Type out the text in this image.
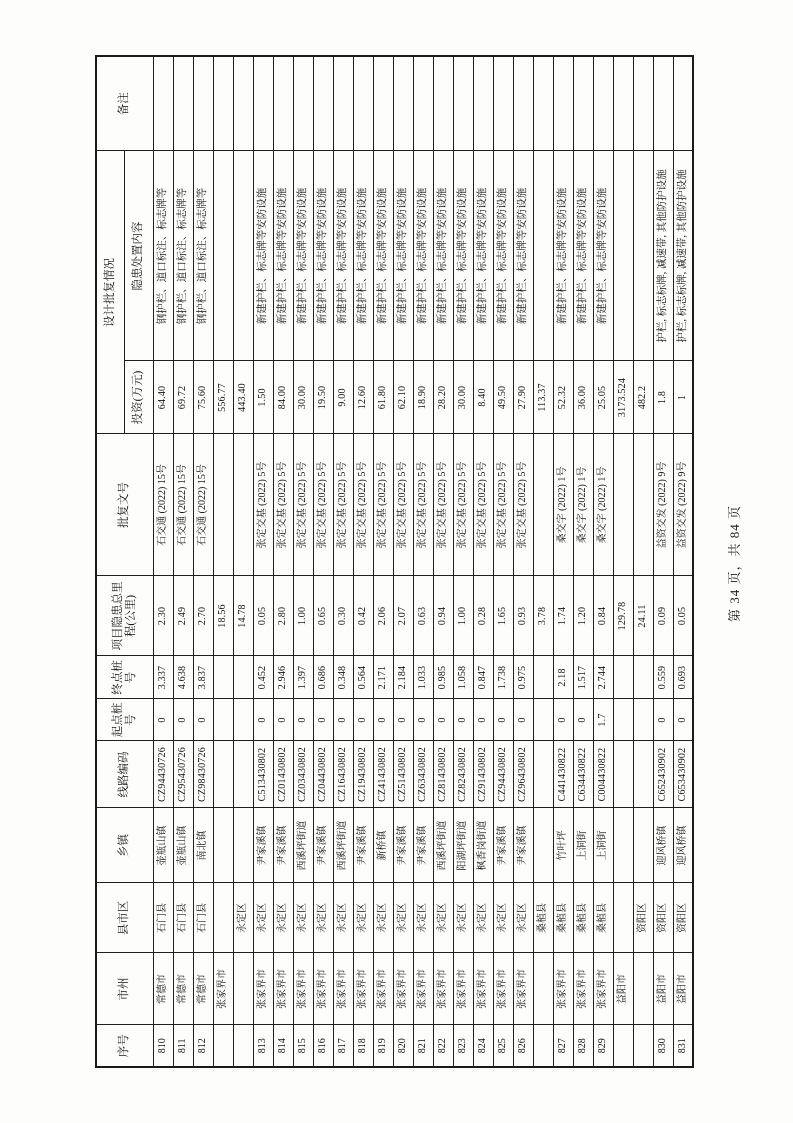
序号	市州	县市区	乡镇	线路编码	起点桩号	终点桩号	项目隐患总里程(公里)	批复文号	设计批复情况		备注
									投资(万元)	隐患处置内容	
810	常德市	石门县	壶瓶山镇	CZ94430726	0	3.337	2.30	石交通 (2022) 15号	64.40	钢护栏、道口标注、标志牌等	
811	常德市	石门县	壶瓶山镇	CZ95430726	0	4.638	2.49	石交通 (2022) 15号	69.72	钢护栏、道口标注、标志牌等	
812	常德市	石门县	南北镇	CZ98430726	0	3.837	2.70	石交通 (2022) 15号	75.60	钢护栏、道口标注、标志牌等	
	张家界市						18.56		556.77		
		永定区					14.78		443.40		
813	张家界市	永定区	尹家溪镇	C513430802	0	0.452	0.05	张定交基 (2022) 5号	1.50	新建护栏、标志牌等安防设施	
814	张家界市	永定区	尹家溪镇	CZ01430802	0	2.946	2.80	张定交基 (2022) 5号	84.00	新建护栏、标志牌等安防设施	
815	张家界市	永定区	西溪坪街道	CZ03430802	0	1.397	1.00	张定交基 (2022) 5号	30.00	新建护栏、标志牌等安防设施	
816	张家界市	永定区	尹家溪镇	CZ04430802	0	0.686	0.65	张定交基 (2022) 5号	19.50	新建护栏、标志牌等安防设施	
817	张家界市	永定区	西溪坪街道	CZ16430802	0	0.348	0.30	张定交基 (2022) 5号	9.00	新建护栏、标志牌等安防设施	
818	张家界市	永定区	尹家溪镇	CZ19430802	0	0.564	0.42	张定交基 (2022) 5号	12.60	新建护栏、标志牌等安防设施	
819	张家界市	永定区	新桥镇	CZ41430802	0	2.171	2.06	张定交基 (2022) 5号	61.80	新建护栏、标志牌等安防设施	
820	张家界市	永定区	尹家溪镇	CZ51430802	0	2.184	2.07	张定交基 (2022) 5号	62.10	新建护栏、标志牌等安防设施	
821	张家界市	永定区	尹家溪镇	CZ63430802	0	1.033	0.63	张定交基 (2022) 5号	18.90	新建护栏、标志牌等安防设施	
822	张家界市	永定区	西溪坪街道	CZ81430802	0	0.985	0.94	张定交基 (2022) 5号	28.20	新建护栏、标志牌等安防设施	
823	张家界市	永定区	阳湖坪街道	CZ82430802	0	1.058	1.00	张定交基 (2022) 5号	30.00	新建护栏、标志牌等安防设施	
824	张家界市	永定区	枫香岗街道	CZ91430802	0	0.847	0.28	张定交基 (2022) 5号	8.40	新建护栏、标志牌等安防设施	
825	张家界市	永定区	尹家溪镇	CZ94430802	0	1.738	1.65	张定交基 (2022) 5号	49.50	新建护栏、标志牌等安防设施	
826	张家界市	永定区	尹家溪镇	CZ96430802	0	0.975	0.93	张定交基 (2022) 5号	27.90	新建护栏、标志牌等安防设施	
		桑植县					3.78		113.37		
827	张家界市	桑植县	竹叶坪	C441430822	0	2.18	1.74	桑交字 (2022) 1号	52.32	新建护栏、标志牌等安防设施	
828	张家界市	桑植县	上洞街	C634430822	0	1.517	1.20	桑交字 (2022) 1号	36.00	新建护栏、标志牌等安防设施	
829	张家界市	桑植县	上洞街	C004430822	1.7	2.744	0.84	桑交字 (2022) 1号	25.05	新建护栏、标志牌等安防设施	
	益阳市						129.78		3173.524		
		资阳区					24.11		482.2		
830	益阳市	资阳区	迎风桥镇	C652430902	0	0.559	0.09	益资交发 (2022) 9号	1.8	护栏, 标志标牌, 减速带, 其他防护设施	
831	益阳市	资阳区	迎风桥镇	C653430902	0	0.693	0.05	益资交发 (2022) 9号	1	护栏, 标志标牌, 减速带, 其他防护设施	
第 34 页，共 84 页
